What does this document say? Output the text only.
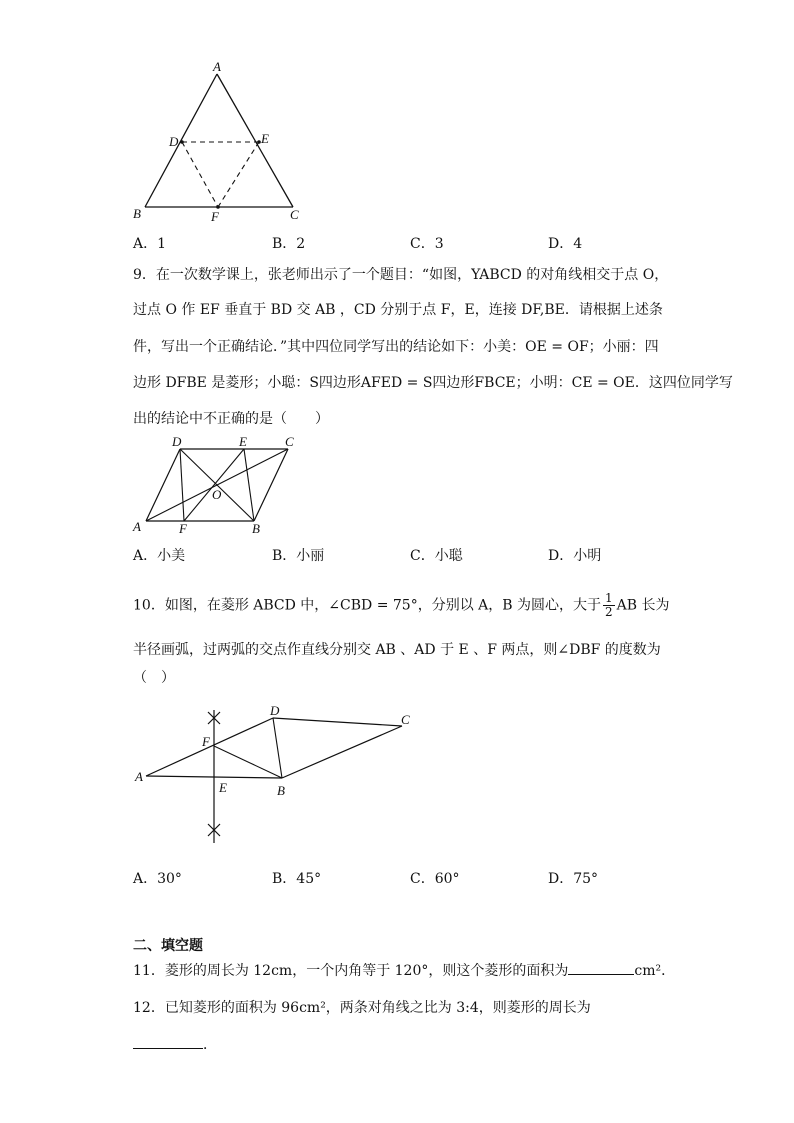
A
D	E
B	F	C
A．1	B．2	C．3	D．4
9．在一次数学课上，张老师出示了一个题目：“如图，YABCD 的对角线相交于点 O，
过点 O 作 EF 垂直于 BD 交 AB ，CD 分别于点 F，E，连接 DF,BE．请根据上述条
件，写出一个正确结论．”其中四位同学写出的结论如下：小美：OE = OF；小丽：四
边形 DFBE 是菱形；小聪：S四边形AFED = S四边形FBCE；小明：CE = OE．这四位同学写
出的结论中不正确的是（　　）
D	E	C
O
A	F	B
A．小美	B．小丽	C．小聪	D．小明
10．如图，在菱形 ABCD 中，∠CBD = 75°，分别以 A，B 为圆心，大于 $\frac{1}{2}$ AB 长为
半径画弧，过两弧的交点作直线分别交 AB 、AD 于 E 、F 两点，则∠DBF 的度数为
（　）
D
C
F
A
E	B
A．30°	B．45°	C．60°	D．75°
二、填空题
11．菱形的周长为 12cm，一个内角等于 120°，则这个菱形的面积为	cm²．
12．已知菱形的面积为 96cm²，两条对角线之比为 3:4，则菱形的周长为
．
